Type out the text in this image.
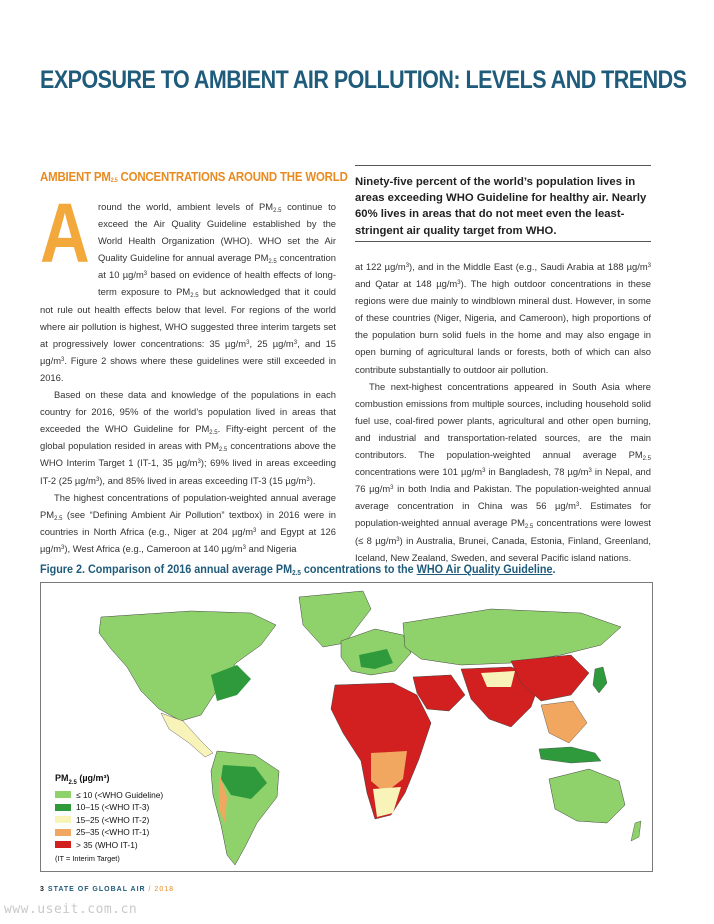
EXPOSURE TO AMBIENT AIR POLLUTION: LEVELS AND TRENDS
AMBIENT $PM_{2.5}$ CONCENTRATIONS AROUND THE WORLD
A round the world, ambient levels of $PM_{2.5}$ continue to exceed the Air Quality Guideline established by the World Health Organization (WHO). WHO set the Air Quality Guideline for annual average $PM_{2.5}$ concentration at 10 $\mu g/m^3$ based on evidence of health effects of long-term exposure to $PM_{2.5}$ but acknowledged that it could not rule out health effects below that level. For regions of the world where air pollution is highest, WHO suggested three interim targets set at progressively lower concentrations: 35 $\mu g/m^3$, 25 $\mu g/m^3$, and 15 $\mu g/m^3$. Figure 2 shows where these guidelines were still exceeded in 2016.

Based on these data and knowledge of the populations in each country for 2016, 95% of the world’s population lived in areas that exceeded the WHO Guideline for $PM_{2.5}$. Fifty-eight percent of the global population resided in areas with $PM_{2.5}$ concentrations above the WHO Interim Target 1 (IT-1, 35 $\mu g/m^3$); 69% lived in areas exceeding IT-2 (25 $\mu g/m^3$), and 85% lived in areas exceeding IT-3 (15 $\mu g/m^3$).

The highest concentrations of population-weighted annual average $PM_{2.5}$ (see “Defining Ambient Air Pollution” textbox) in 2016 were in countries in North Africa (e.g., Niger at 204 $\mu g/m^3$ and Egypt at 126 $\mu g/m^3$), West Africa (e.g., Cameroon at 140 $\mu g/m^3$ and Nigeria

Ninety-five percent of the world’s population lives in areas exceeding WHO Guideline for healthy air. Nearly 60% lives in areas that do not meet even the least-stringent air quality target from WHO.

at 122 $\mu g/m^3$), and in the Middle East (e.g., Saudi Arabia at 188 $\mu g/m^3$ and Qatar at 148 $\mu g/m^3$). The high outdoor concentrations in these regions were due mainly to windblown mineral dust. However, in some of these countries (Niger, Nigeria, and Cameroon), high proportions of the population burn solid fuels in the home and may also engage in open burning of agricultural lands or forests, both of which can also contribute substantially to outdoor air pollution.

The next-highest concentrations appeared in South Asia where combustion emissions from multiple sources, including household solid fuel use, coal-fired power plants, agricultural and other open burning, and industrial and transportation-related sources, are the main contributors. The population-weighted annual average $PM_{2.5}$ concentrations were 101 $\mu g/m^3$ in Bangladesh, 78 $\mu g/m^3$ in Nepal, and 76 $\mu g/m^3$ in both India and Pakistan. The population-weighted annual average concentration in China was 56 $\mu g/m^3$. Estimates for population-weighted annual average $PM_{2.5}$ concentrations were lowest (≤ 8 $\mu g/m^3$) in Australia, Brunei, Canada, Estonia, Finland, Greenland, Iceland, New Zealand, Sweden, and several Pacific island nations.

Figure 2. Comparison of 2016 annual average $PM_{2.5}$ concentrations to the WHO Air Quality Guideline.
$PM_{2.5}$ (µg/m³)
≤ 10 (<WHO Guideline)
10–15 (<WHO IT-3)
15–25 (<WHO IT-2)
25–35 (<WHO IT-1)
> 35 (WHO IT-1)
(IT = Interim Target)
3 STATE OF GLOBAL AIR / 2018
www.useit.com.cn
